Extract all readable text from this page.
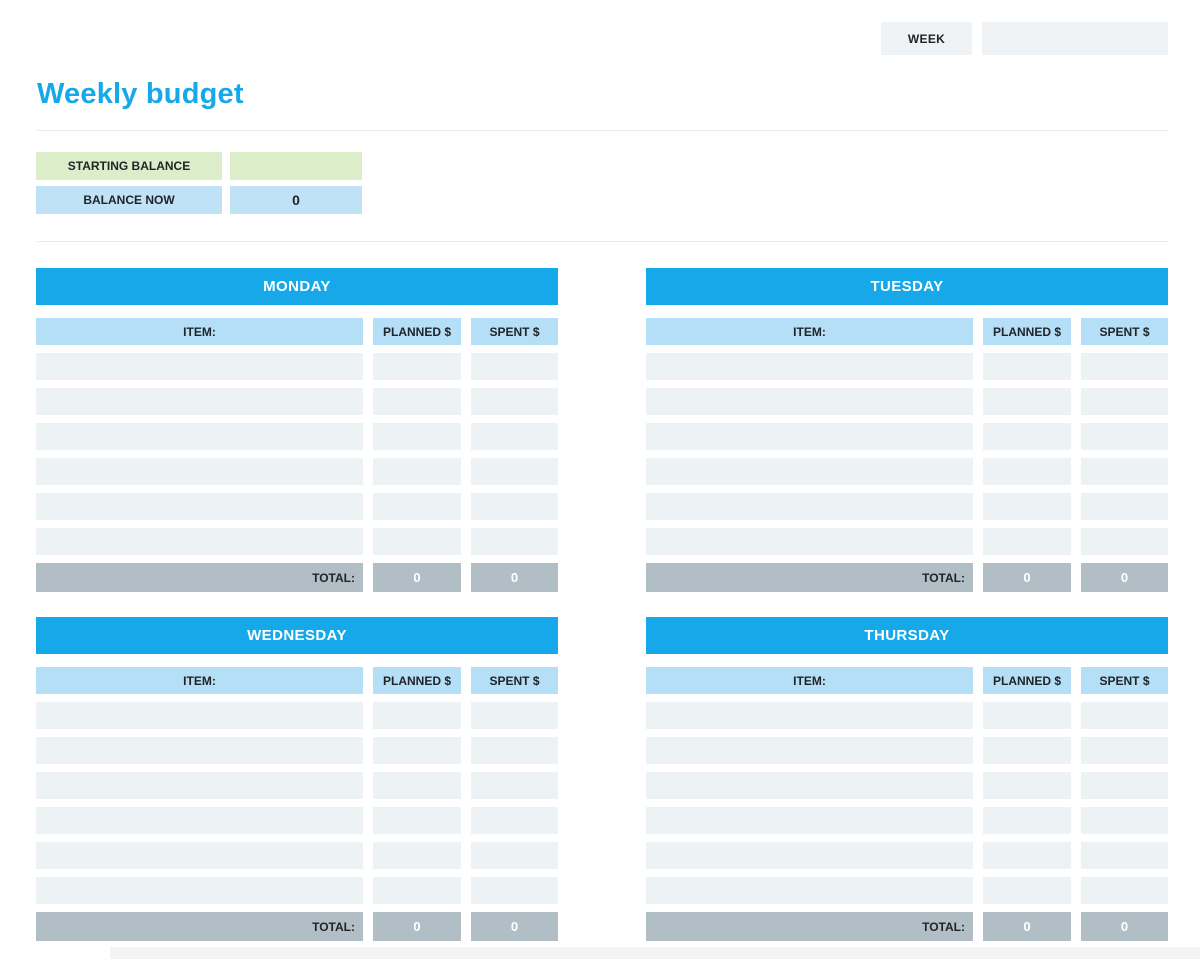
WEEK
Weekly budget
STARTING BALANCE
BALANCE NOW	0
MONDAY
ITEM:	PLANNED $	SPENT $
TOTAL:	0	0
TUESDAY
ITEM:	PLANNED $	SPENT $
TOTAL:	0	0
WEDNESDAY
ITEM:	PLANNED $	SPENT $
TOTAL:	0	0
THURSDAY
ITEM:	PLANNED $	SPENT $
TOTAL:	0	0
